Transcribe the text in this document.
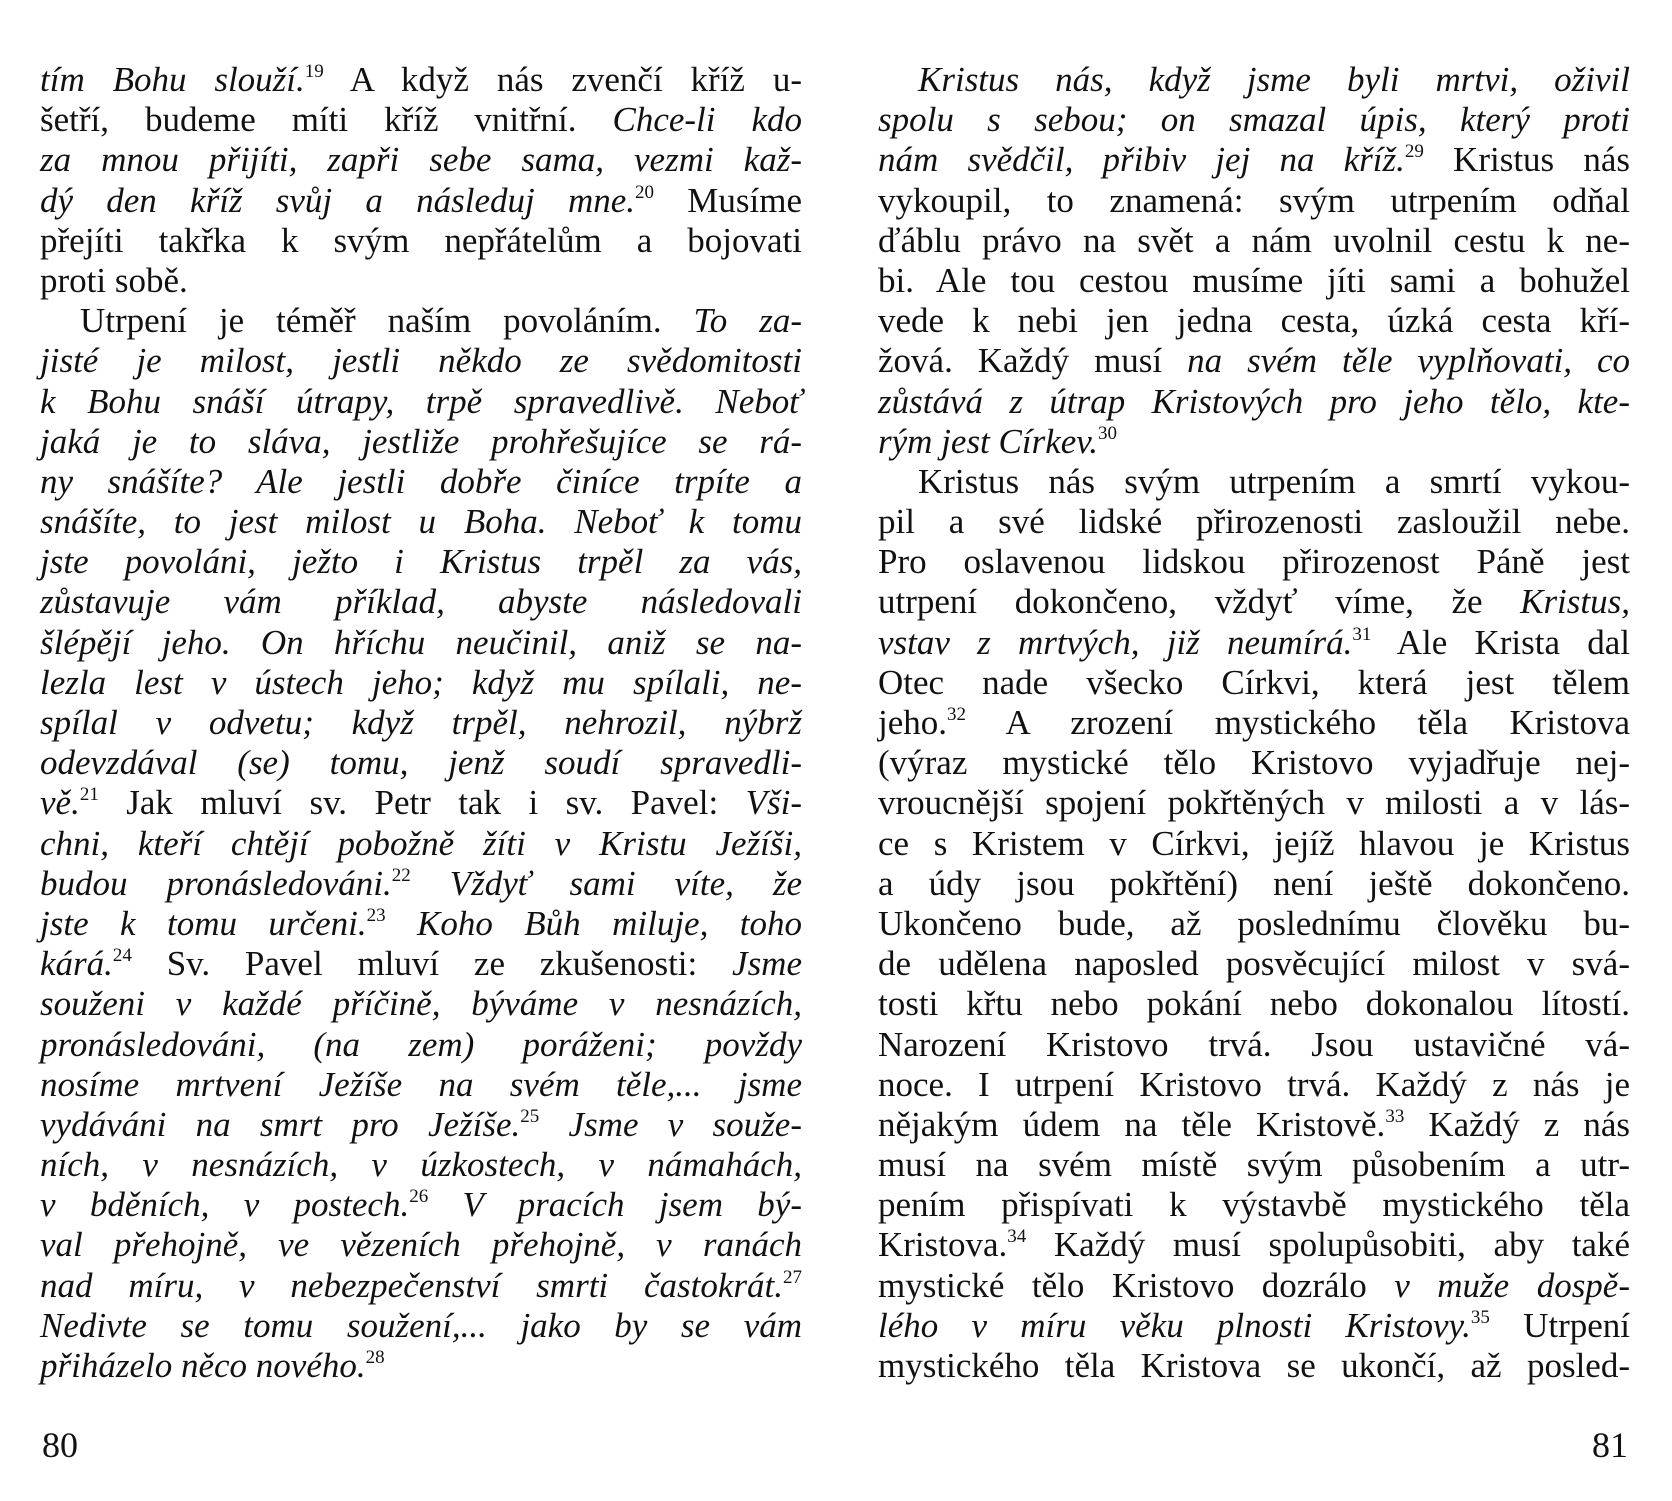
tím Bohu slouží.$^{19}$ A když nás zvenčí kříž u-
šetří, budeme míti kříž vnitřní. Chce-li kdo
za mnou přijíti, zapři sebe sama, vezmi kaž-
dý den kříž svůj a následuj mne.$^{20}$ Musíme
přejíti takřka k svým nepřátelům a bojovati
proti sobě.
Utrpení je téměř naším povoláním. To za-
jisté je milost, jestli někdo ze svědomitosti
k Bohu snáší útrapy, trpě spravedlivě. Neboť
jaká je to sláva, jestliže prohřešujíce se rá-
ny snášíte? Ale jestli dobře činíce trpíte a
snášíte, to jest milost u Boha. Neboť k tomu
jste povoláni, ježto i Kristus trpěl za vás,
zůstavuje vám příklad, abyste následovali
šlépějí jeho. On hříchu neučinil, aniž se na-
lezla lest v ústech jeho; když mu spílali, ne-
spílal v odvetu; když trpěl, nehrozil, nýbrž
odevzdával (se) tomu, jenž soudí spravedli-
vě.$^{21}$ Jak mluví sv. Petr tak i sv. Pavel: Vši-
chni, kteří chtějí pobožně žíti v Kristu Ježíši,
budou pronásledováni.$^{22}$ Vždyť sami víte, že
jste k tomu určeni.$^{23}$ Koho Bůh miluje, toho
kárá.$^{24}$ Sv. Pavel mluví ze zkušenosti: Jsme
souženi v každé příčině, býváme v nesnázích,
pronásledováni, (na zem) poráženi; povždy
nosíme mrtvení Ježíše na svém těle,... jsme
vydáváni na smrt pro Ježíše.$^{25}$ Jsme v souže-
ních, v nesnázích, v úzkostech, v námahách,
v bděních, v postech.$^{26}$ V pracích jsem bý-
val přehojně, ve vězeních přehojně, v ranách
nad míru, v nebezpečenství smrti častokrát.$^{27}$
Nedivte se tomu soužení,... jako by se vám
přiházelo něco nového.$^{28}$
Kristus nás, když jsme byli mrtvi, oživil
spolu s sebou; on smazal úpis, který proti
nám svědčil, přibiv jej na kříž.$^{29}$ Kristus nás
vykoupil, to znamená: svým utrpením odňal
ďáblu právo na svět a nám uvolnil cestu k ne-
bi. Ale tou cestou musíme jíti sami a bohužel
vede k nebi jen jedna cesta, úzká cesta kří-
žová. Každý musí na svém těle vyplňovati, co
zůstává z útrap Kristových pro jeho tělo, kte-
rým jest Církev.$^{30}$
Kristus nás svým utrpením a smrtí vykou-
pil a své lidské přirozenosti zasloužil nebe.
Pro oslavenou lidskou přirozenost Páně jest
utrpení dokončeno, vždyť víme, že Kristus,
vstav z mrtvých, již neumírá.$^{31}$ Ale Krista dal
Otec nade všecko Církvi, která jest tělem
jeho.$^{32}$ A zrození mystického těla Kristova
(výraz mystické tělo Kristovo vyjadřuje nej-
vroucnější spojení pokřtěných v milosti a v lás-
ce s Kristem v Církvi, jejíž hlavou je Kristus
a údy jsou pokřtění) není ještě dokončeno.
Ukončeno bude, až poslednímu člověku bu-
de udělena naposled posvěcující milost v svá-
tosti křtu nebo pokání nebo dokonalou lítostí.
Narození Kristovo trvá. Jsou ustavičné vá-
noce. I utrpení Kristovo trvá. Každý z nás je
nějakým údem na těle Kristově.$^{33}$ Každý z nás
musí na svém místě svým působením a utr-
pením přispívati k výstavbě mystického těla
Kristova.$^{34}$ Každý musí spolupůsobiti, aby také
mystické tělo Kristovo dozrálo v muže dospě-
lého v míru věku plnosti Kristovy.$^{35}$ Utrpení
mystického těla Kristova se ukončí, až posled-
80	81
